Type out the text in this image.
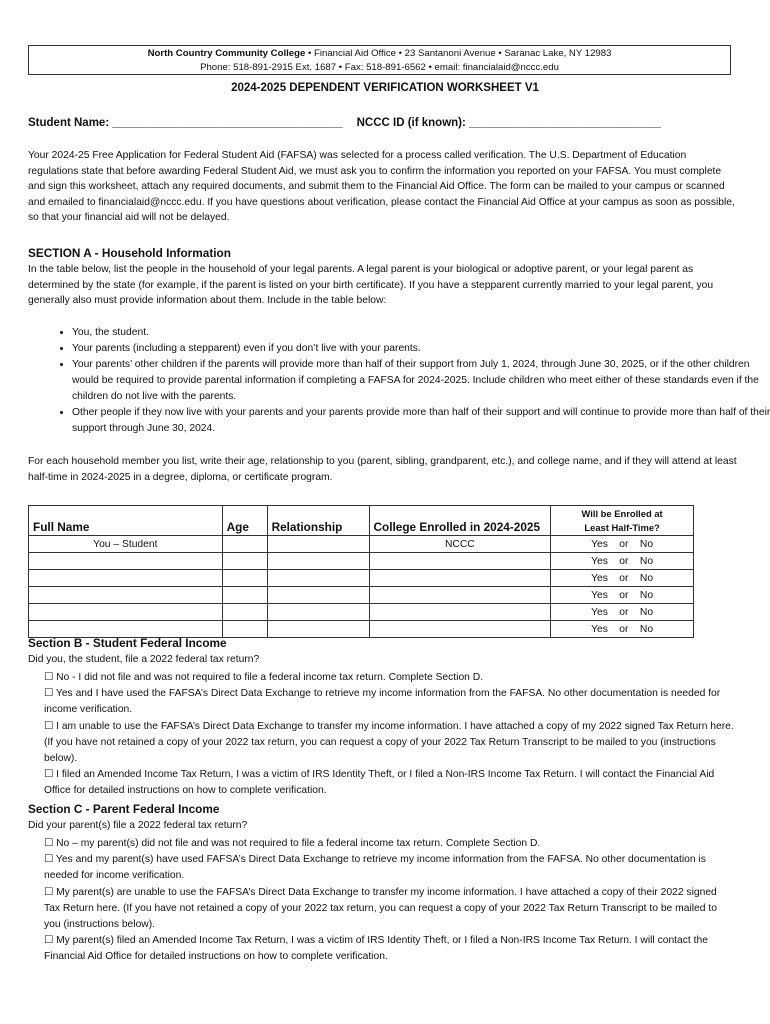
North Country Community College • Financial Aid Office • 23 Santanoni Avenue • Saranac Lake, NY 12983
Phone: 518-891-2915 Ext. 1687 • Fax: 518-891-6562 • email: financialaid@nccc.edu
2024-2025 DEPENDENT VERIFICATION WORKSHEET V1
Student Name: ____________________________________ NCCC ID (if known): ______________________________
Your 2024-25 Free Application for Federal Student Aid (FAFSA) was selected for a process called verification. The U.S. Department of Education regulations state that before awarding Federal Student Aid, we must ask you to confirm the information you reported on your FAFSA. You must complete and sign this worksheet, attach any required documents, and submit them to the Financial Aid Office. The form can be mailed to your campus or scanned and emailed to financialaid@nccc.edu. If you have questions about verification, please contact the Financial Aid Office at your campus as soon as possible, so that your financial aid will not be delayed.
SECTION A - Household Information
In the table below, list the people in the household of your legal parents. A legal parent is your biological or adoptive parent, or your legal parent as determined by the state (for example, if the parent is listed on your birth certificate). If you have a stepparent currently married to your legal parent, you generally also must provide information about them. Include in the table below:
• You, the student.
• Your parents (including a stepparent) even if you don’t live with your parents.
• Your parents’ other children if the parents will provide more than half of their support from July 1, 2024, through June 30, 2025, or if the other children would be required to provide parental information if completing a FAFSA for 2024-2025. Include children who meet either of these standards even if the children do not live with the parents.
• Other people if they now live with your parents and your parents provide more than half of their support and will continue to provide more than half of their support through June 30, 2024.
For each household member you list, write their age, relationship to you (parent, sibling, grandparent, etc.), and college name, and if they will attend at least half-time in 2024-2025 in a degree, diploma, or certificate program.
Full Name	Age	Relationship	College Enrolled in 2024-2025	Will be Enrolled at
Least Half-Time?

You – Student			NCCC	Yes    or    No
				Yes    or    No
				Yes    or    No
				Yes    or    No
				Yes    or    No
				Yes    or    No
Section B - Student Federal Income
Did you, the student, file a 2022 federal tax return?
☐ No - I did not file and was not required to file a federal income tax return. Complete Section D.
☐ Yes and I have used the FAFSA’s Direct Data Exchange to retrieve my income information from the FAFSA. No other documentation is needed for income verification.
☐ I am unable to use the FAFSA’s Direct Data Exchange to transfer my income information. I have attached a copy of my 2022 signed Tax Return here. (If you have not retained a copy of your 2022 tax return, you can request a copy of your 2022 Tax Return Transcript to be mailed to you (instructions below).
☐ I filed an Amended Income Tax Return, I was a victim of IRS Identity Theft, or I filed a Non-IRS Income Tax Return. I will contact the Financial Aid Office for detailed instructions on how to complete verification.
Section C - Parent Federal Income
Did your parent(s) file a 2022 federal tax return?
☐ No – my parent(s) did not file and was not required to file a federal income tax return. Complete Section D.
☐ Yes and my parent(s) have used FAFSA’s Direct Data Exchange to retrieve my income information from the FAFSA. No other documentation is needed for income verification.
☐ My parent(s) are unable to use the FAFSA’s Direct Data Exchange to transfer my income information. I have attached a copy of their 2022 signed Tax Return here. (If you have not retained a copy of your 2022 tax return, you can request a copy of your 2022 Tax Return Transcript to be mailed to you (instructions below).
☐ My parent(s) filed an Amended Income Tax Return, I was a victim of IRS Identity Theft, or I filed a Non-IRS Income Tax Return. I will contact the Financial Aid Office for detailed instructions on how to complete verification.
